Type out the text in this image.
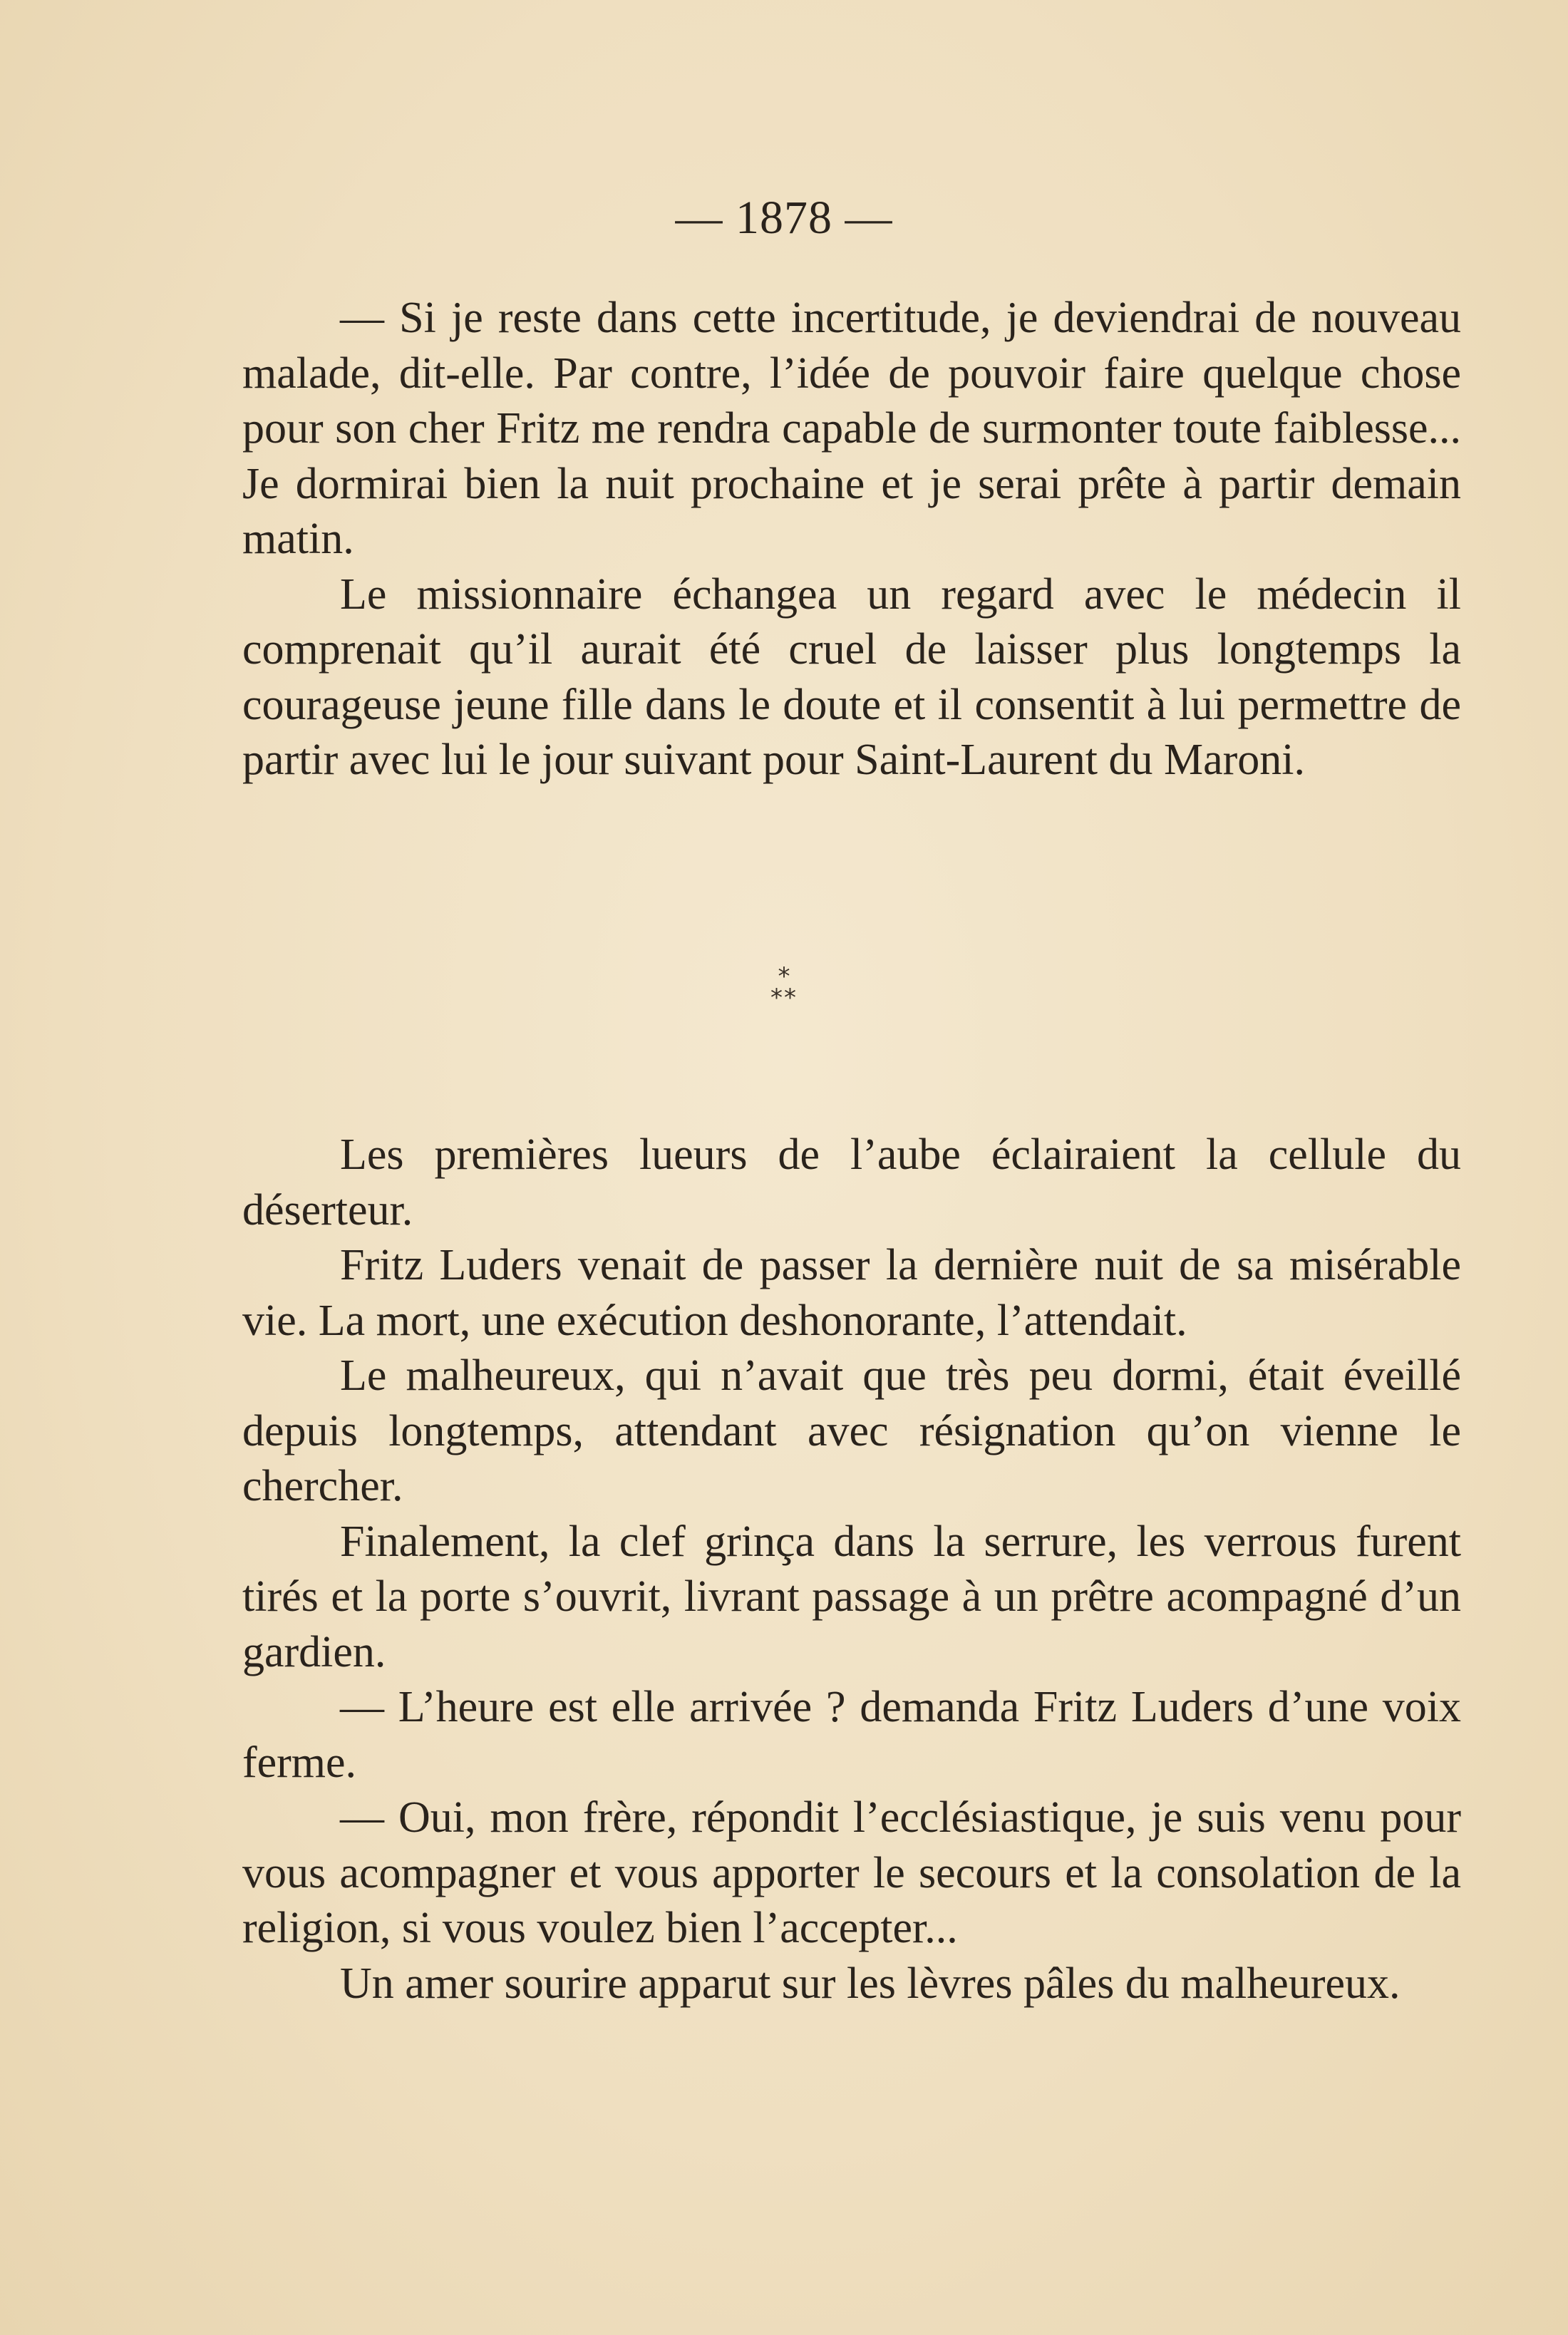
— 1878 —

— Si je reste dans cette incertitude, je deviendrai de nouveau malade, dit-elle. Par contre, l’idée de pouvoir faire quelque chose pour son cher Fritz me rendra capable de surmonter toute faiblesse... Je dormirai bien la nuit prochaine et je serai prête à partir demain matin.

Le missionnaire échangea un regard avec le médecin il comprenait qu’il aurait été cruel de laisser plus longtemps la courageuse jeune fille dans le doute et il consentit à lui permettre de partir avec lui le jour suivant pour Saint-Laurent du Maroni.

*
**

Les premières lueurs de l’aube éclairaient la cellule du déserteur.

Fritz Luders venait de passer la dernière nuit de sa misérable vie. La mort, une exécution deshonorante, l’attendait.

Le malheureux, qui n’avait que très peu dormi, était éveillé depuis longtemps, attendant avec résignation qu’on vienne le chercher.

Finalement, la clef grinça dans la serrure, les verrous furent tirés et la porte s’ouvrit, livrant passage à un prêtre acompagné d’un gardien.

— L’heure est elle arrivée ? demanda Fritz Luders d’une voix ferme.

— Oui, mon frère, répondit l’ecclésiastique, je suis venu pour vous acompagner et vous apporter le secours et la consolation de la religion, si vous voulez bien l’accepter...

Un amer sourire apparut sur les lèvres pâles du malheureux.
